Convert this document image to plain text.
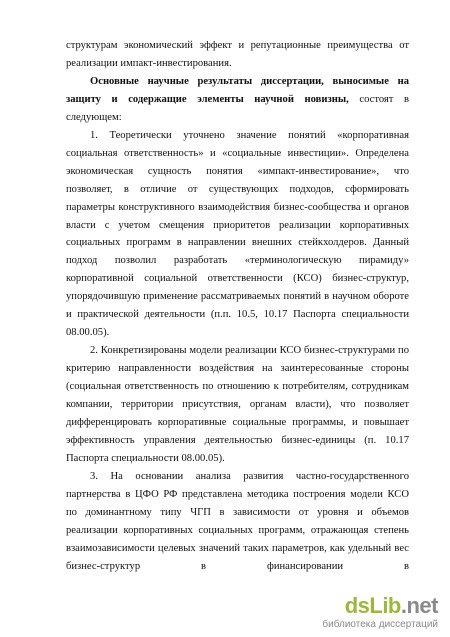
структурам экономический эффект и репутационные преимущества от
реализации импакт-инвестирования.
Основные научные результаты диссертации, выносимые на
защиту и содержащие элементы научной новизны, состоят в
следующем:
1. Теоретически уточнено значение понятий «корпоративная
социальная ответственность» и «социальные инвестиции». Определена
экономическая сущность понятия «импакт-инвестирование», что
позволяет, в отличие от существующих подходов, сформировать
параметры конструктивного взаимодействия бизнес-сообщества и органов
власти с учетом смещения приоритетов реализации корпоративных
социальных программ в направлении внешних стейкхолдеров. Данный
подход позволил разработать «терминологическую пирамиду»
корпоративной социальной ответственности (КСО) бизнес-структур,
упорядочившую применение рассматриваемых понятий в научном обороте
и практической деятельности (п.п. 10.5, 10.17 Паспорта специальности
08.00.05).
2. Конкретизированы модели реализации КСО бизнес-структурами по
критерию направленности воздействия на заинтересованные стороны
(социальная ответственность по отношению к потребителям, сотрудникам
компании, территории присутствия, органам власти), что позволяет
дифференцировать корпоративные социальные программы, и повышает
эффективность управления деятельностью бизнес-единицы (п. 10.17
Паспорта специальности 08.00.05).
3. На основании анализа развития частно-государственного
партнерства в ЦФО РФ представлена методика построения модели КСО
по доминантному типу ЧГП в зависимости от уровня и объемов
реализации корпоративных социальных программ, отражающая степень
взаимозависимости целевых значений таких параметров, как удельный вес
бизнес-структур в финансировании в
dsLib.net
библиотека диссертаций
